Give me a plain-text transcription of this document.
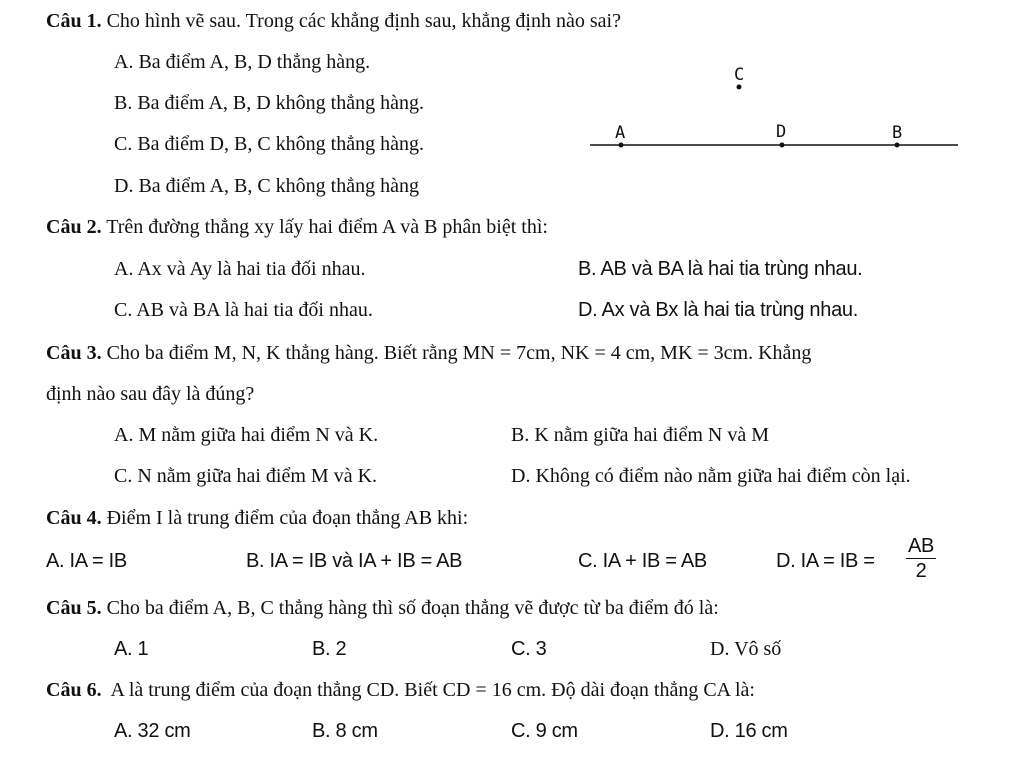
Câu 1. Cho hình vẽ sau. Trong các khẳng định sau, khẳng định nào sai?
A. Ba điểm A, B, D thẳng hàng.
B. Ba điểm A, B, D không thẳng hàng.
C. Ba điểm D, B, C không thẳng hàng.
D. Ba điểm A, B, C không thẳng hàng
C
A	D	B
Câu 2. Trên đường thẳng xy lấy hai điểm A và B phân biệt thì:
A. Ax và Ay là hai tia đối nhau.	B. AB và BA là hai tia trùng nhau.
C. AB và BA là hai tia đối nhau.	D. Ax và Bx là hai tia trùng nhau.
Câu 3. Cho ba điểm M, N, K thẳng hàng. Biết rằng MN = 7cm, NK = 4 cm, MK = 3cm. Khẳng
định nào sau đây là đúng?
A. M nằm giữa hai điểm N và K.	B. K nằm giữa hai điểm N và M
C. N nằm giữa hai điểm M và K.	D. Không có điểm nào nằm giữa hai điểm còn lại.
Câu 4. Điểm I là trung điểm của đoạn thẳng AB khi:
A. IA = IB	B. IA = IB và IA + IB = AB	C. IA + IB = AB	D. IA = IB =
AB
2
Câu 5. Cho ba điểm A, B, C thẳng hàng thì số đoạn thẳng vẽ được từ ba điểm đó là:
A. 1	B. 2	C. 3	D. Vô số
Câu 6.  A là trung điểm của đoạn thẳng CD. Biết CD = 16 cm. Độ dài đoạn thẳng CA là:
A. 32 cm	B. 8 cm	C. 9 cm	D. 16 cm
